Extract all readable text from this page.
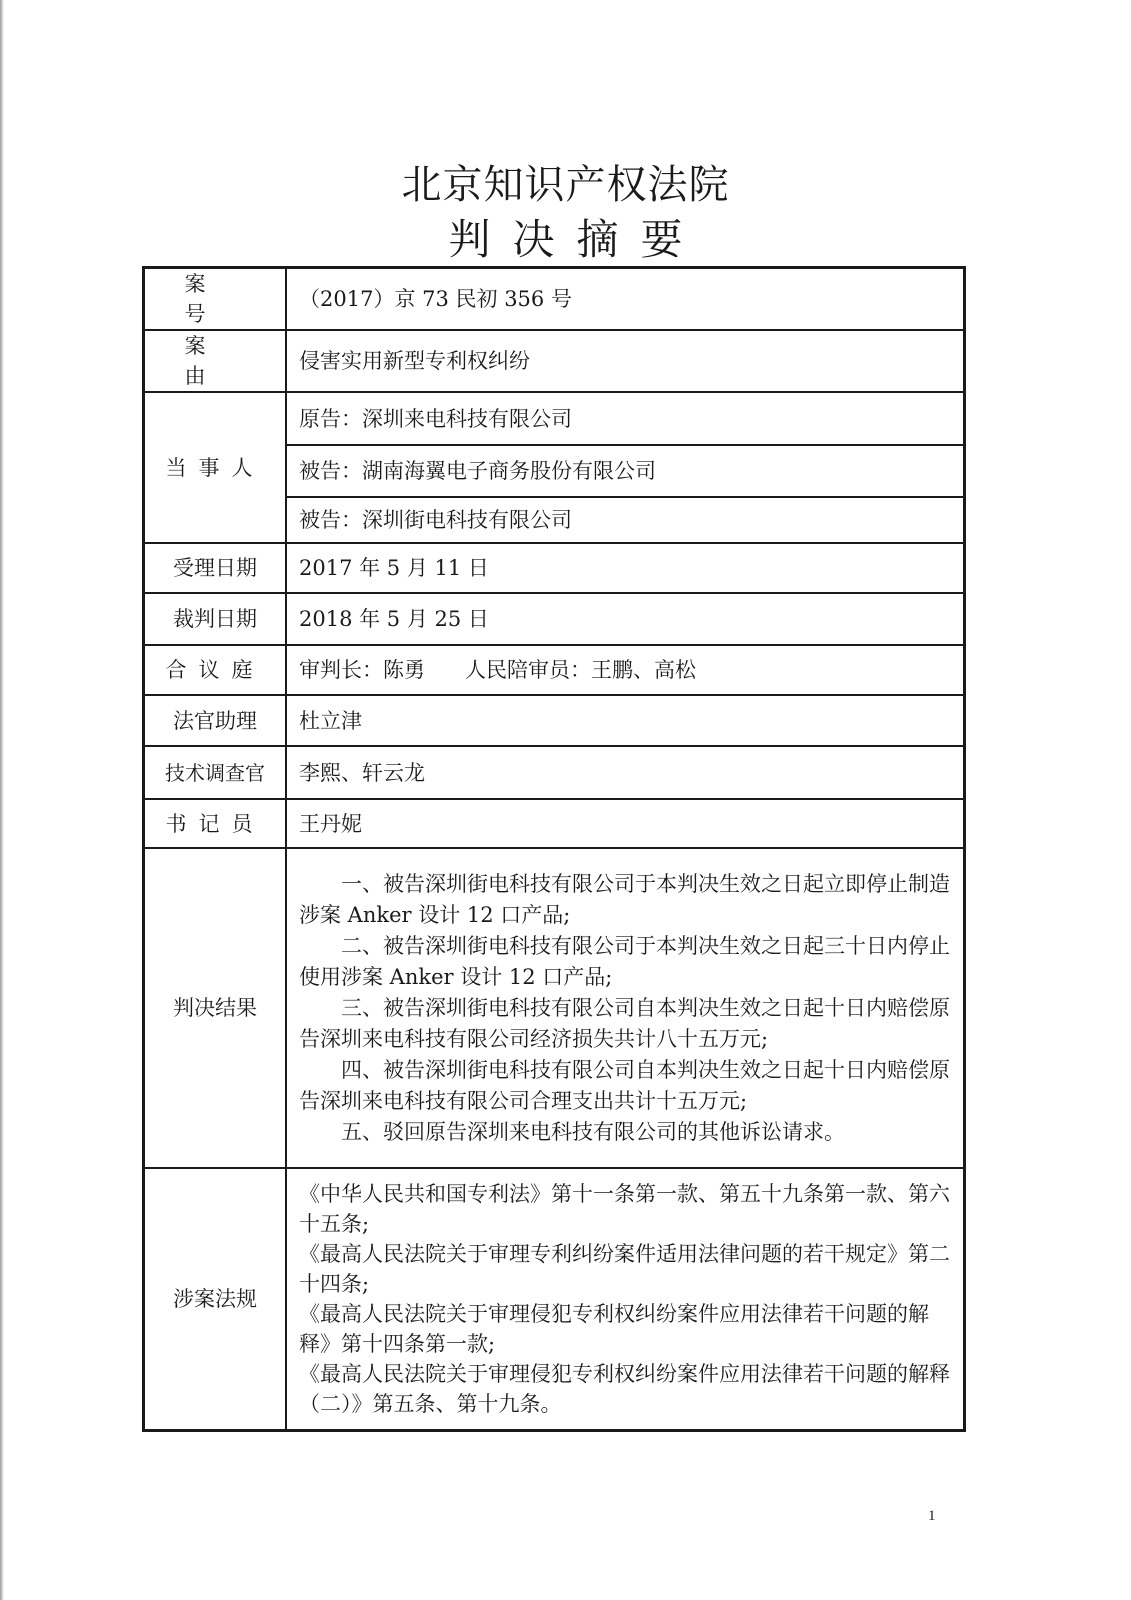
北京知识产权法院
判决摘要
案号	（2017）京 73 民初 356 号
案由	侵害实用新型专利权纠纷
当事人	原告：深圳来电科技有限公司
	被告：湖南海翼电子商务股份有限公司
	被告：深圳街电科技有限公司
受理日期	2017 年 5 月 11 日
裁判日期	2018 年 5 月 25 日
合议庭	审判长：陈勇 人民陪审员：王鹏、高松
法官助理	杜立津
技术调查官	李熙、轩云龙
书记员	王丹妮
判决结果	一、被告深圳街电科技有限公司于本判决生效之日起立即停止制造涉案 Anker 设计 12 口产品;

二、被告深圳街电科技有限公司于本判决生效之日起三十日内停止使用涉案 Anker 设计 12 口产品;

三、被告深圳街电科技有限公司自本判决生效之日起十日内赔偿原告深圳来电科技有限公司经济损失共计八十五万元;

四、被告深圳街电科技有限公司自本判决生效之日起十日内赔偿原告深圳来电科技有限公司合理支出共计十五万元;

五、驳回原告深圳来电科技有限公司的其他诉讼请求。

涉案法规	《中华人民共和国专利法》第十一条第一款、第五十九条第一款、第六十五条;

《最高人民法院关于审理专利纠纷案件适用法律问题的若干规定》第二十四条;

《最高人民法院关于审理侵犯专利权纠纷案件应用法律若干问题的解释》第十四条第一款;

《最高人民法院关于审理侵犯专利权纠纷案件应用法律若干问题的解释（二）》第五条、第十九条。

1
